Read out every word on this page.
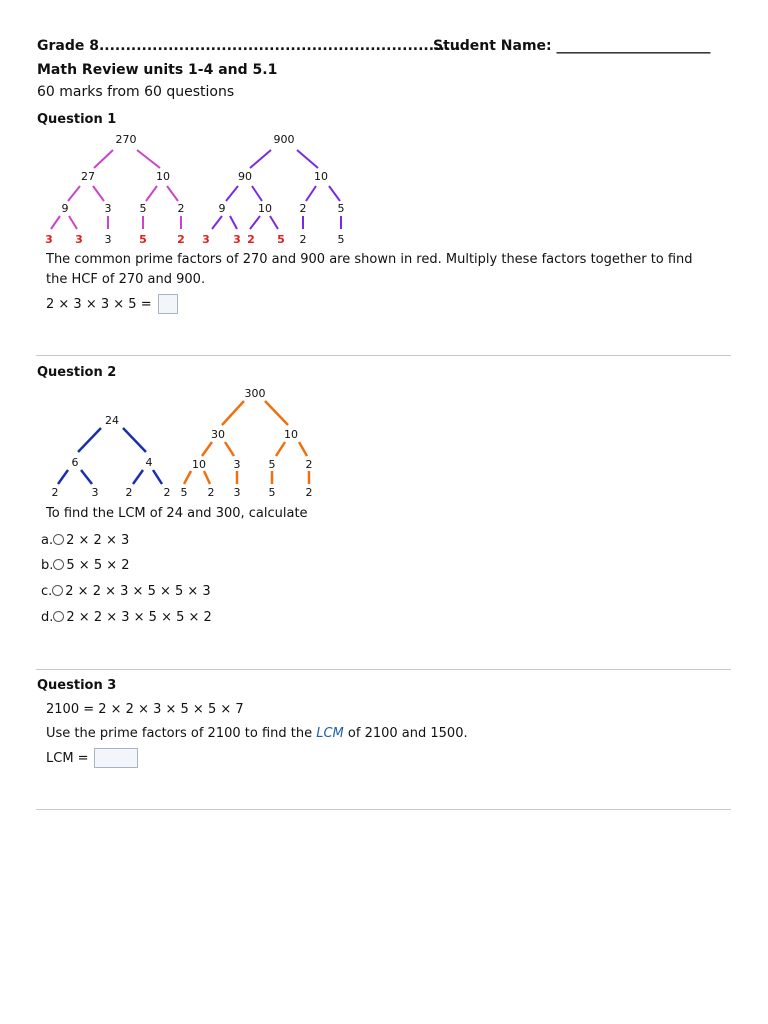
Grade 8....................................................................
Student Name: ______________________
Math Review units 1-4 and 5.1
60 marks from 60 questions
Question 1
270
27	10
9	3	5	2
3 3 3	5	2
900
90	10
9	10	2	5
3 3 2 5 2	5
The common prime factors of 270 and 900 are shown in red. Multiply these factors together to find
the HCF of 270 and 900.
2 × 3 × 3 × 5 =
Question 2
24
6	4
2	3 2	2
300
30	10
10	3	5	2
5 2 3	5	2
To find the LCM of 24 and 300, calculate
a. 2 × 2 × 3
b. 5 × 5 × 2
c. 2 × 2 × 3 × 5 × 5 × 3
d. 2 × 2 × 3 × 5 × 5 × 2
Question 3
2100 = 2 × 2 × 3 × 5 × 5 × 7
Use the prime factors of 2100 to find the LCM of 2100 and 1500.
LCM =
